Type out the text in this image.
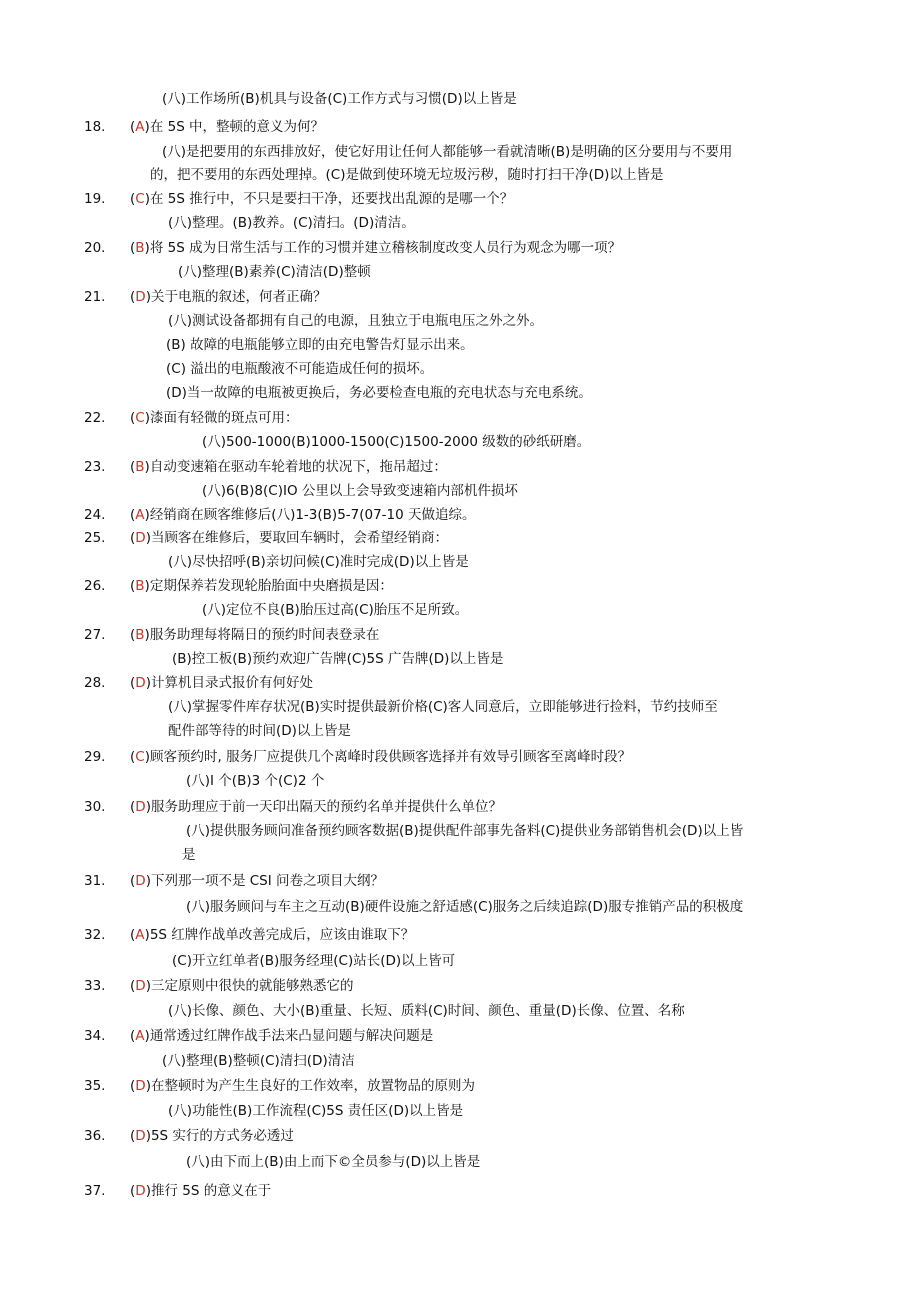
(八)工作场所(B)机具与设备(C)工作方式与习惯(D)以上皆是
18.	(A)在 5S 中，整顿的意义为何？
(八)是把要用的东西排放好，使它好用让任何人都能够一看就清晰(B)是明确的区分要用与不要用
的，把不要用的东西处理掉。(C)是做到使环境无垃圾污秽，随时打扫干净(D)以上皆是
19.	(C)在 5S 推行中，不只是要扫干净，还要找出乱源的是哪一个？
(八)整理。(B)教养。(C)清扫。(D)清洁。
20.	(B)将 5S 成为日常生活与工作的习惯并建立稽核制度改变人员行为观念为哪一项？
(八)整理(B)素养(C)清洁(D)整顿
21.	(D)关于电瓶的叙述，何者正确？
(八)测试设备都拥有自己的电源，且独立于电瓶电压之外之外。
(B) 故障的电瓶能够立即的由充电警告灯显示出来。
(C) 溢出的电瓶酸液不可能造成任何的损坏。
(D)当一故障的电瓶被更换后，务必要检查电瓶的充电状态与充电系统。
22.	(C)漆面有轻微的斑点可用：
(八)500-1000(B)1000-1500(C)1500-2000 级数的砂纸研磨。
23.	(B)自动变速箱在驱动车轮着地的状况下，拖吊超过：
(八)6(B)8(C)IO 公里以上会导致变速箱内部机件损坏
24.	(A)经销商在顾客维修后(八)1-3(B)5-7(07-10 天做追综。
25.	(D)当顾客在维修后，要取回车辆时，会希望经销商：
(八)尽快招呼(B)亲切问候(C)准时完成(D)以上皆是
26.	(B)定期保养若发现轮胎胎面中央磨损是因：
(八)定位不良(B)胎压过高(C)胎压不足所致。
27.	(B)服务助理每将隔日的预约时间表登录在
(B)控工板(B)预约欢迎广告牌(C)5S 广告牌(D)以上皆是
28.	(D)计算机目录式报价有何好处
(八)掌握零件库存状况(B)实时提供最新价格(C)客人同意后，立即能够进行捡料，节约技师至
配件部等待的时间(D)以上皆是
29.	(C)顾客预约时, 服务厂应提供几个离峰时段供顾客选择并有效导引顾客至离峰时段？
(八)I 个(B)3 个(C)2 个
30.	(D)服务助理应于前一天印出隔天的预约名单并提供什么单位？
(八)提供服务顾问准备预约顾客数据(B)提供配件部事先备料(C)提供业务部销售机会(D)以上皆
是
31.	(D)下列那一项不是 CSI 问卷之项目大纲？
(八)服务顾问与车主之互动(B)硬件设施之舒适感(C)服务之后续追踪(D)服专推销产品的积极度
32.	(A)5S 红牌作战单改善完成后，应该由谁取下？
(C)开立红单者(B)服务经理(C)站长(D)以上皆可
33.	(D)三定原则中很快的就能够熟悉它的
(八)长像、颜色、大小(B)重量、长短、质料(C)时间、颜色、重量(D)长像、位置、名称
34.	(A)通常透过红牌作战手法来凸显问题与解决问题是
(八)整理(B)整顿(C)清扫(D)清洁
35.	(D)在整顿时为产生生良好的工作效率，放置物品的原则为
(八)功能性(B)工作流程(C)5S 责任区(D)以上皆是
36.	(D)5S 实行的方式务必透过
(八)由下而上(B)由上而下©全员参与(D)以上皆是
37.	(D)推行 5S 的意义在于
